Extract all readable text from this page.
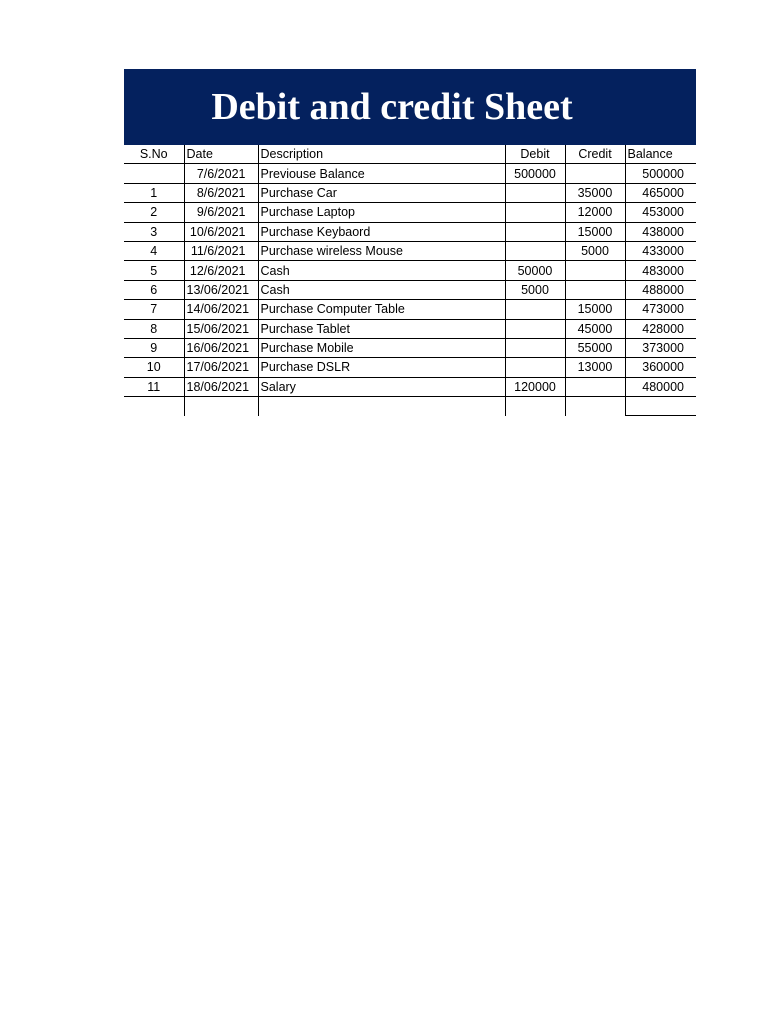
Debit and credit Sheet
S.No	Date	Description	Debit	Credit	Balance
	7/6/2021	Previouse Balance	500000		500000
1	8/6/2021	Purchase Car		35000	465000
2	9/6/2021	Purchase Laptop		12000	453000
3	10/6/2021	Purchase Keybaord		15000	438000
4	11/6/2021	Purchase wireless Mouse		5000	433000
5	12/6/2021	Cash	50000		483000
6	13/06/2021	Cash	5000		488000
7	14/06/2021	Purchase Computer Table		15000	473000
8	15/06/2021	Purchase Tablet		45000	428000
9	16/06/2021	Purchase Mobile		55000	373000
10	17/06/2021	Purchase DSLR		13000	360000
11	18/06/2021	Salary	120000		480000
